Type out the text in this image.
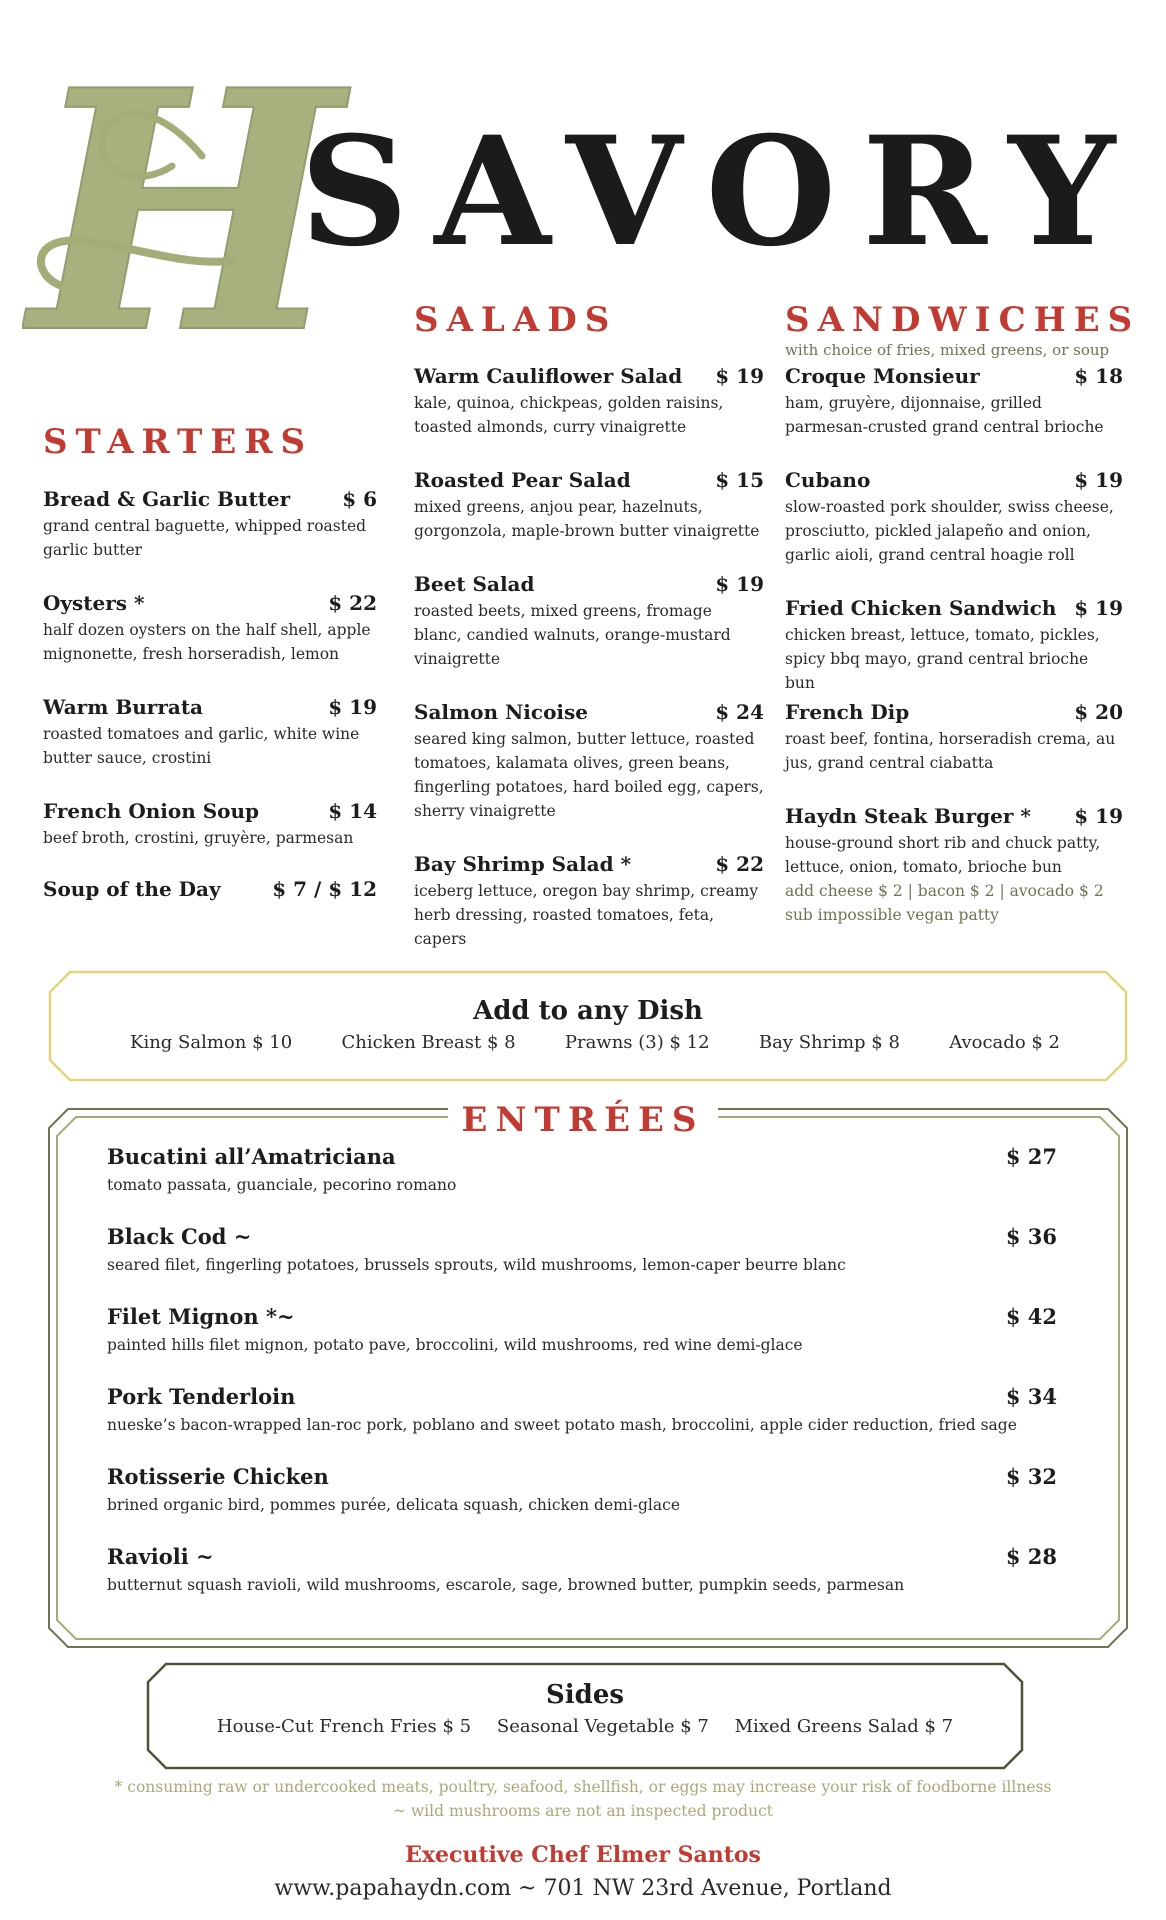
H
SAVORY
STARTERS
Bread & Garlic Butter	$ 6
grand central baguette, whipped roasted garlic butter
Oysters *	$ 22
half dozen oysters on the half shell, apple mignonette, fresh horseradish, lemon
Warm Burrata	$ 19
roasted tomatoes and garlic, white wine butter sauce, crostini
French Onion Soup	$ 14
beef broth, crostini, gruyère, parmesan
Soup of the Day	$ 7 / $ 12
SALADS
Warm Cauliflower Salad $ 19
kale, quinoa, chickpeas, golden raisins, toasted almonds, curry vinaigrette
Roasted Pear Salad	$ 15
mixed greens, anjou pear, hazelnuts, gorgonzola, maple-brown butter vinaigrette
Beet Salad	$ 19
roasted beets, mixed greens, fromage blanc, candied walnuts, orange-mustard vinaigrette
Salmon Nicoise	$ 24
seared king salmon, butter lettuce, roasted tomatoes, kalamata olives, green beans, fingerling potatoes, hard boiled egg, capers, sherry vinaigrette
Bay Shrimp Salad *	$ 22
iceberg lettuce, oregon bay shrimp, creamy herb dressing, roasted tomatoes, feta, capers
SANDWICHES
with choice of fries, mixed greens, or soup
Croque Monsieur	$ 18
ham, gruyère, dijonnaise, grilled parmesan-crusted grand central brioche
Cubano	$ 19
slow-roasted pork shoulder, swiss cheese, prosciutto, pickled jalapeño and onion, garlic aioli, grand central hoagie roll
Fried Chicken Sandwich $ 19
chicken breast, lettuce, tomato, pickles, spicy bbq mayo, grand central brioche bun
French Dip	$ 20
roast beef, fontina, horseradish crema, au jus, grand central ciabatta
Haydn Steak Burger * $ 19
house-ground short rib and chuck patty, lettuce, onion, tomato, brioche bun
add cheese $ 2 | bacon $ 2 | avocado $ 2
sub impossible vegan patty
Add to any Dish
King Salmon $ 10	Chicken Breast $ 8	Prawns (3) $ 12	Bay Shrimp $ 8	Avocado $ 2
ENTRÉES
Bucatini all’Amatriciana	$ 27
tomato passata, guanciale, pecorino romano
Black Cod ~	$ 36
seared filet, fingerling potatoes, brussels sprouts, wild mushrooms, lemon-caper beurre blanc
Filet Mignon *~	$ 42
painted hills filet mignon, potato pave, broccolini, wild mushrooms, red wine demi-glace
Pork Tenderloin	$ 34
nueske’s bacon-wrapped lan-roc pork, poblano and sweet potato mash, broccolini, apple cider reduction, fried sage
Rotisserie Chicken	$ 32
brined organic bird, pommes purée, delicata squash, chicken demi-glace
Ravioli ~	$ 28
butternut squash ravioli, wild mushrooms, escarole, sage, browned butter, pumpkin seeds, parmesan
Sides
House-Cut French Fries $ 5 Seasonal Vegetable $ 7 Mixed Greens Salad $ 7
* consuming raw or undercooked meats, poultry, seafood, shellfish, or eggs may increase your risk of foodborne illness
~ wild mushrooms are not an inspected product
Executive Chef Elmer Santos
www.papahaydn.com ~ 701 NW 23rd Avenue, Portland
